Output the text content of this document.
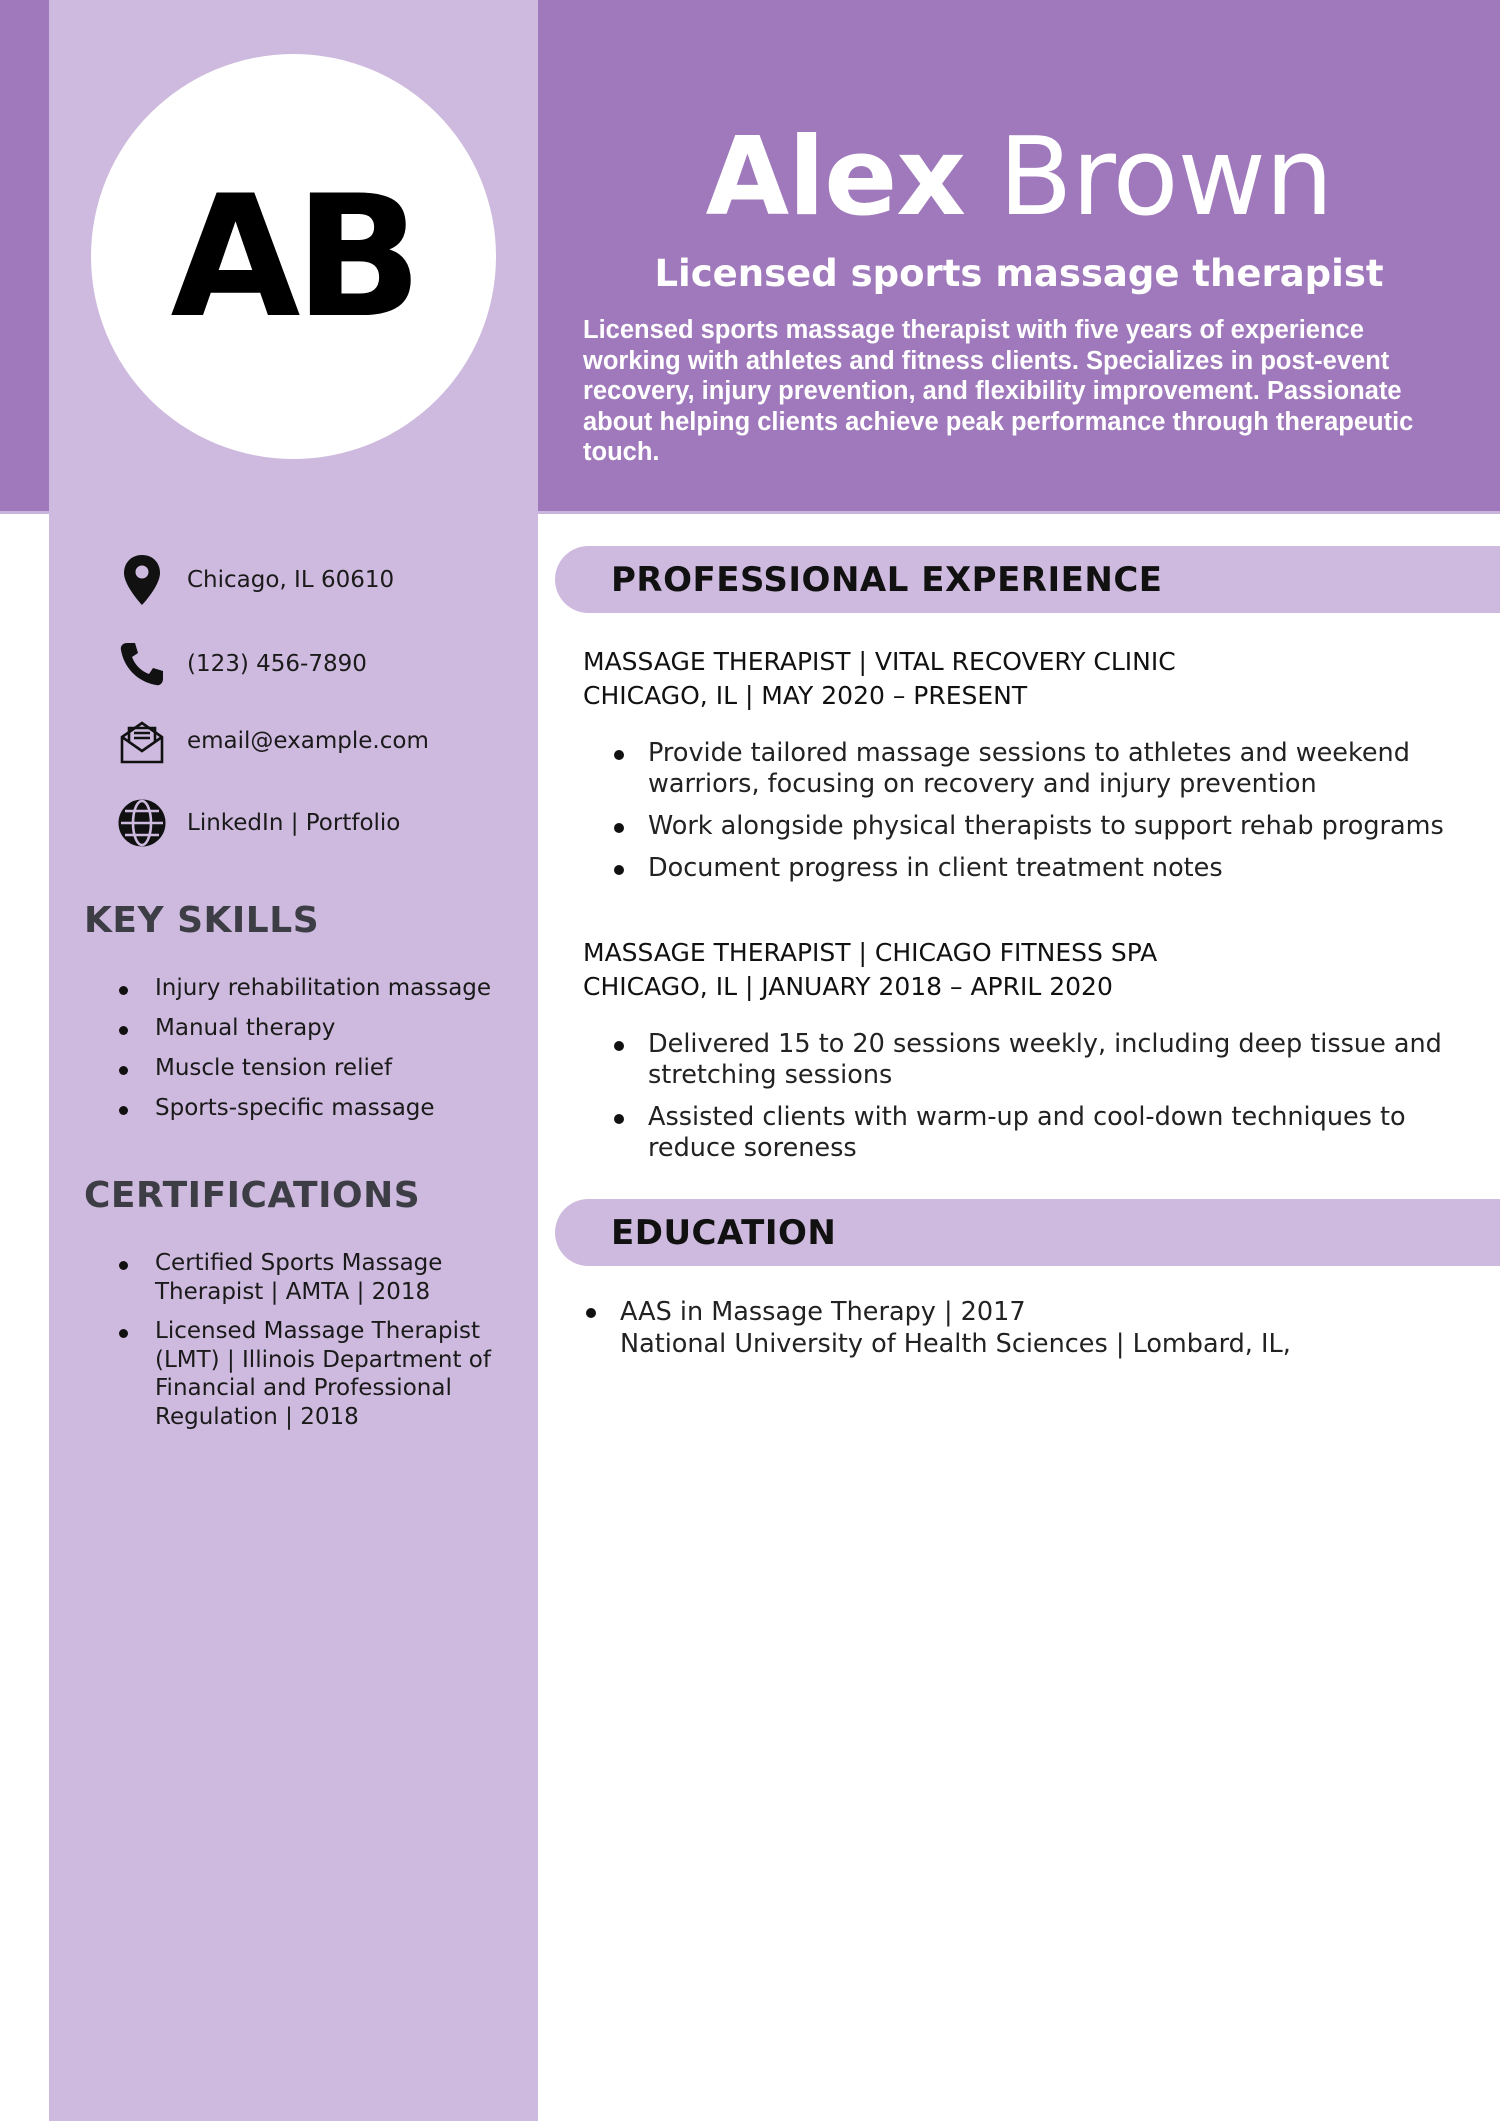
AB	Alex Brown
Licensed sports massage therapist
Licensed sports massage therapist with five years of experience working with athletes and fitness clients. Specializes in post-event recovery, injury prevention, and flexibility improvement. Passionate about helping clients achieve peak performance through therapeutic touch.
Chicago, IL 60610
(123) 456-7890
email@example.com
LinkedIn | Portfolio
KEY SKILLS
Injury rehabilitation massage
Manual therapy
Muscle tension relief
Sports-specific massage
CERTIFICATIONS
Certified Sports Massage Therapist | AMTA | 2018
Licensed Massage Therapist (LMT) | Illinois Department of Financial and Professional Regulation | 2018
PROFESSIONAL EXPERIENCE
MASSAGE THERAPIST | VITAL RECOVERY CLINIC
CHICAGO, IL | MAY 2020 – PRESENT
Provide tailored massage sessions to athletes and weekend warriors, focusing on recovery and injury prevention
Work alongside physical therapists to support rehab programs
Document progress in client treatment notes
MASSAGE THERAPIST | CHICAGO FITNESS SPA
CHICAGO, IL | JANUARY 2018 – APRIL 2020
Delivered 15 to 20 sessions weekly, including deep tissue and stretching sessions
Assisted clients with warm-up and cool-down techniques to reduce soreness
EDUCATION
AAS in Massage Therapy | 2017
National University of Health Sciences | Lombard, IL,
